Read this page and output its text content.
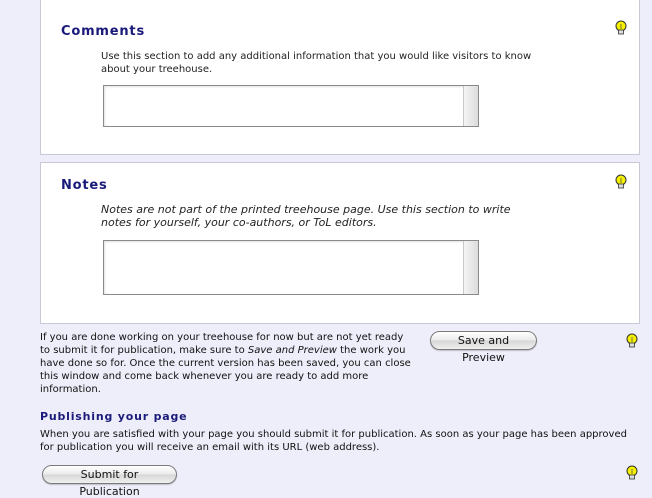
Comments
Use this section to add any additional information that you would like visitors to know about your treehouse.
Notes
Notes are not part of the printed treehouse page. Use this section to write notes for yourself, your co-authors, or ToL editors.
If you are done working on your treehouse for now but are not yet ready to submit it for publication, make sure to Save and Preview the work you have done so for. Once the current version has been saved, you can close this window and come back whenever you are ready to add more information.
Save and Preview
Publishing your page
When you are satisfied with your page you should submit it for publication. As soon as your page has been approved for publication you will receive an email with its URL (web address).
Submit for Publication
